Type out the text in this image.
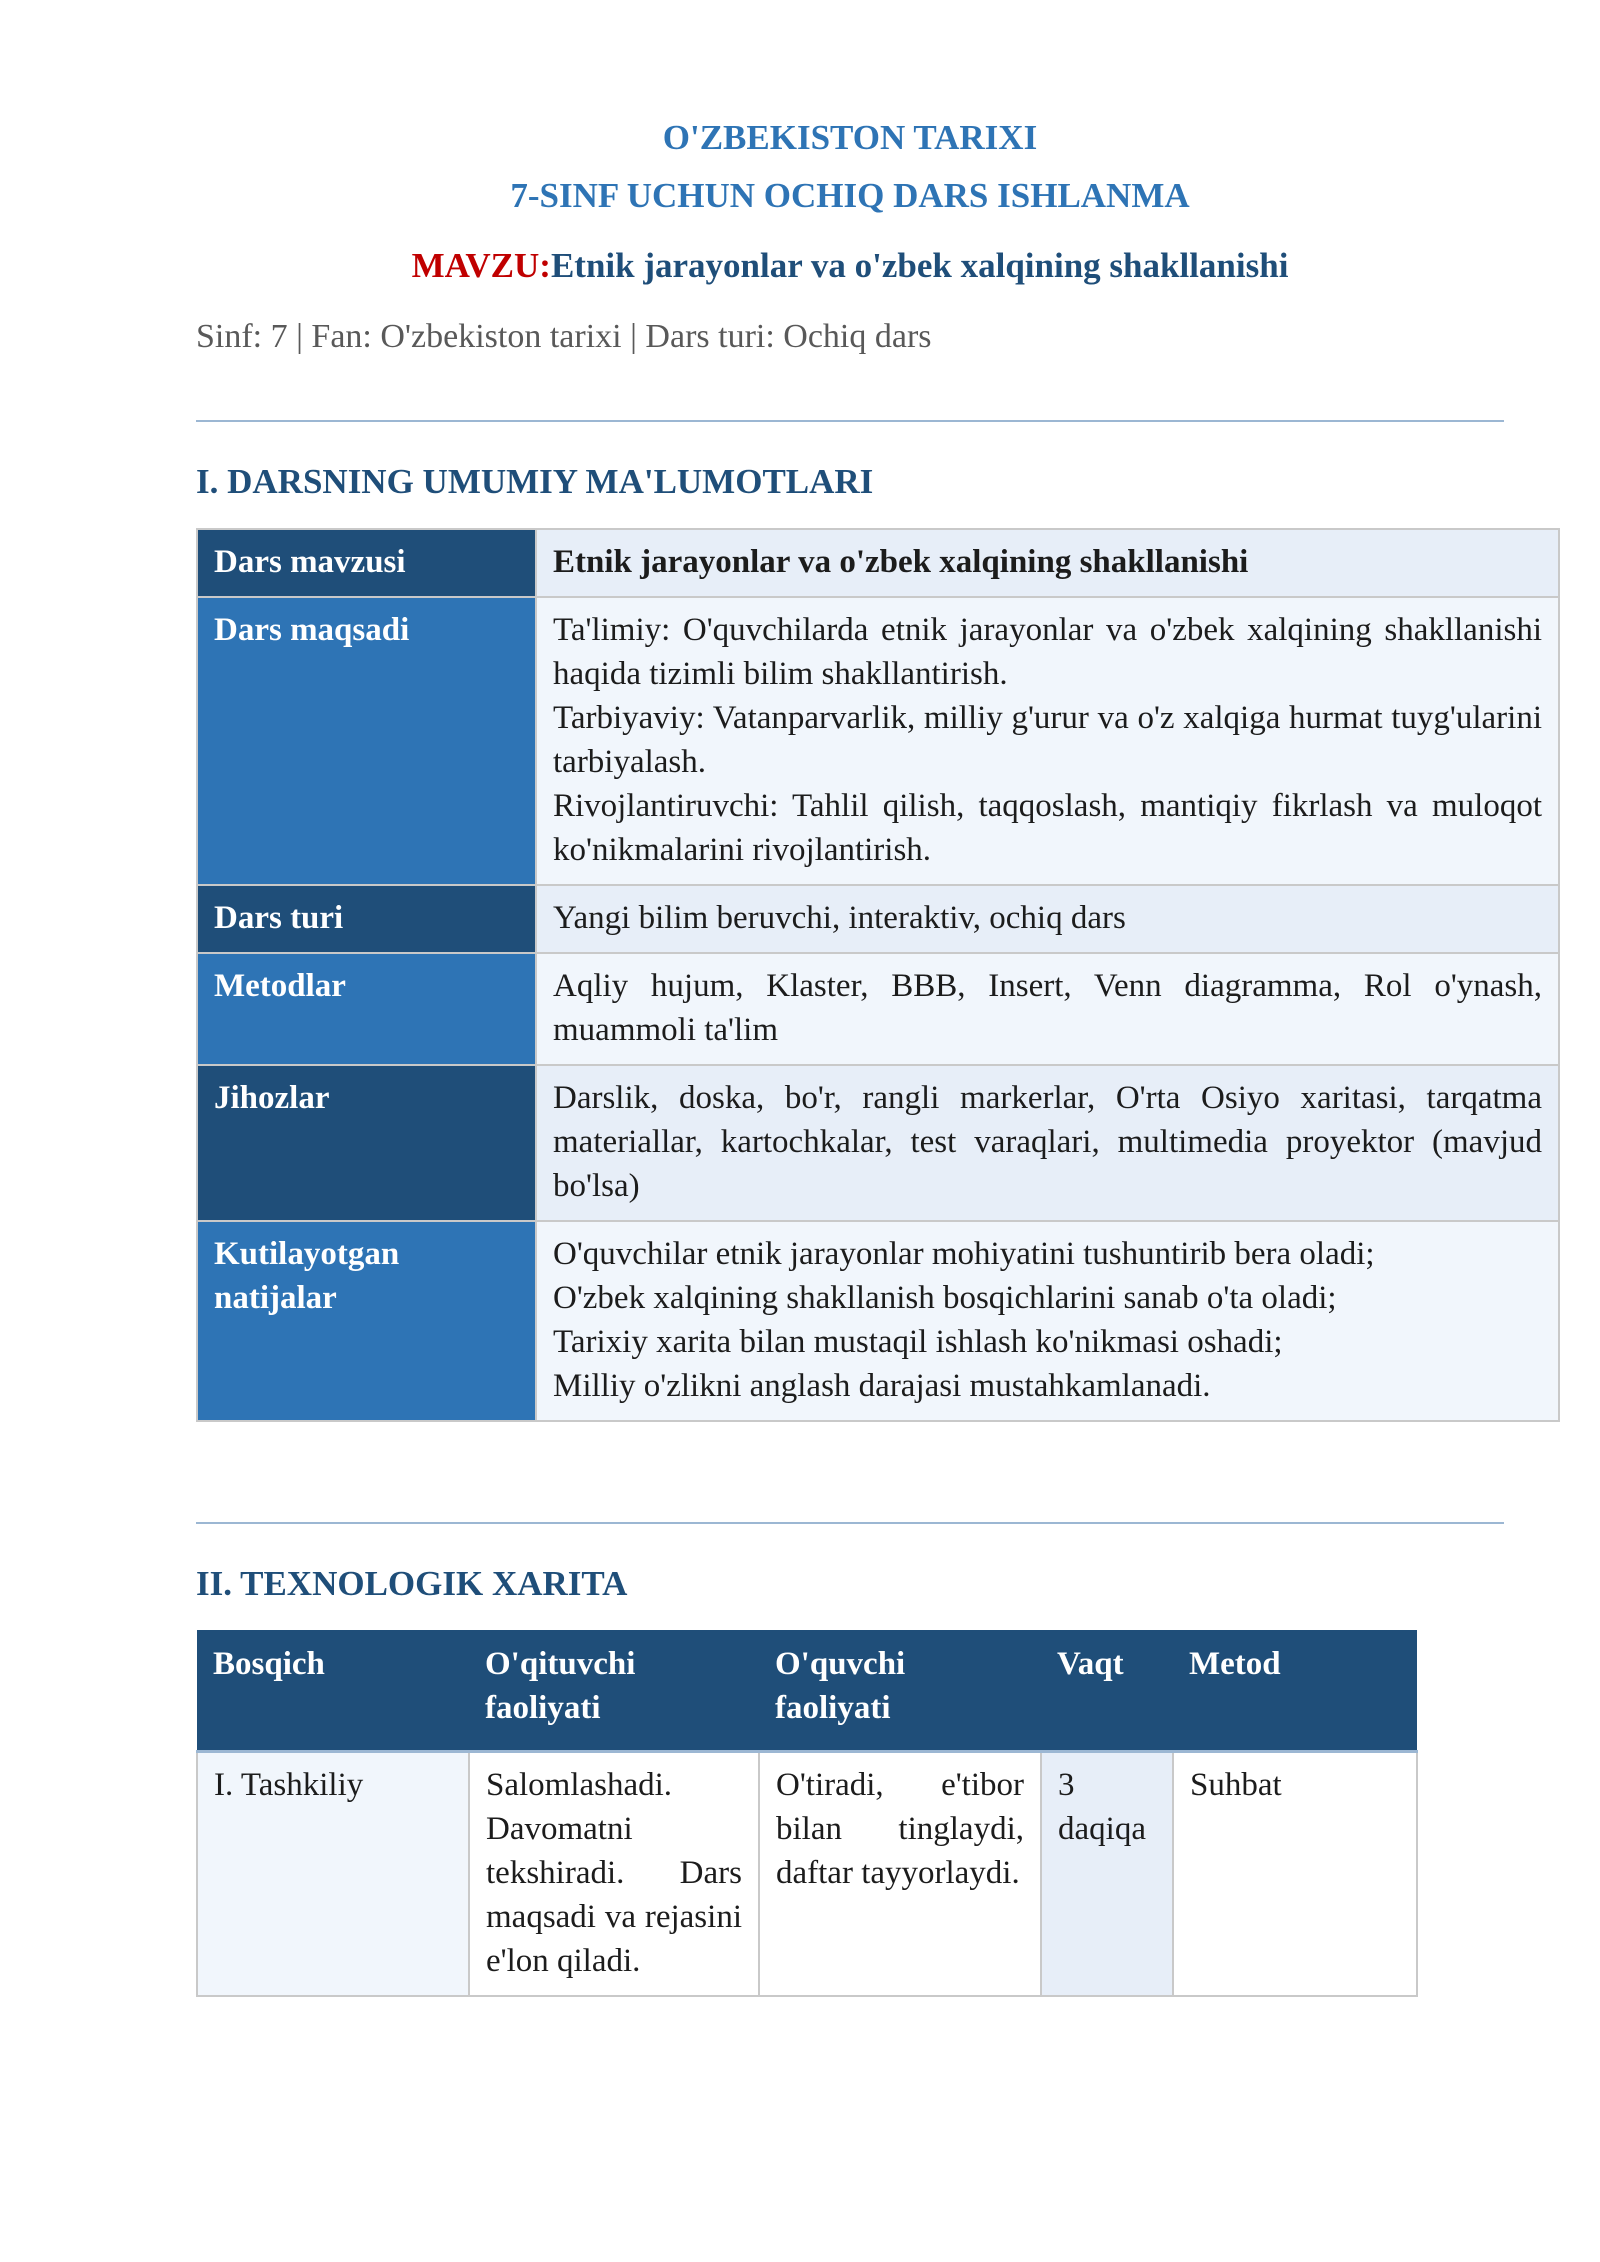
O'ZBEKISTON TARIXI
7-SINF UCHUN OCHIQ DARS ISHLANMA
MAVZU:Etnik jarayonlar va o'zbek xalqining shakllanishi
Sinf: 7 | Fan: O'zbekiston tarixi | Dars turi: Ochiq dars
I. DARSNING UMUMIY MA'LUMOTLARI
Dars mavzusi	Etnik jarayonlar va o'zbek xalqining shakllanishi

Dars maqsadi	Ta'limiy: O'quvchilarda etnik jarayonlar va o'zbek xalqining shakllanishi haqida tizimli bilim shakllantirish.
Tarbiyaviy: Vatanparvarlik, milliy g'urur va o'z xalqiga hurmat tuyg'ularini tarbiyalash.
Rivojlantiruvchi: Tahlil qilish, taqqoslash, mantiqiy fikrlash va muloqot ko'nikmalarini rivojlantirish.

Dars turi	Yangi bilim beruvchi, interaktiv, ochiq dars

Metodlar	Aqliy hujum, Klaster, BBB, Insert, Venn diagramma, Rol o'ynash, muammoli ta'lim

Jihozlar	Darslik, doska, bo'r, rangli markerlar, O'rta Osiyo xaritasi, tarqatma materiallar, kartochkalar, test varaqlari, multimedia proyektor (mavjud bo'lsa)

Kutilayotgan natijalar	O'quvchilar etnik jarayonlar mohiyatini tushuntirib bera oladi;
O'zbek xalqining shakllanish bosqichlarini sanab o'ta oladi;
Tarixiy xarita bilan mustaqil ishlash ko'nikmasi oshadi;
Milliy o'zlikni anglash darajasi mustahkamlanadi.
II. TEXNOLOGIK XARITA
Bosqich	O'qituvchi faoliyati	O'quvchi faoliyati	Vaqt	Metod
I. Tashkiliy	Salomlashadi. Davomatni tekshiradi. Dars maqsadi va rejasini e'lon qiladi.	O'tiradi, e'tibor bilan tinglaydi, daftar tayyorlaydi.	3 daqiqa	Suhbat
